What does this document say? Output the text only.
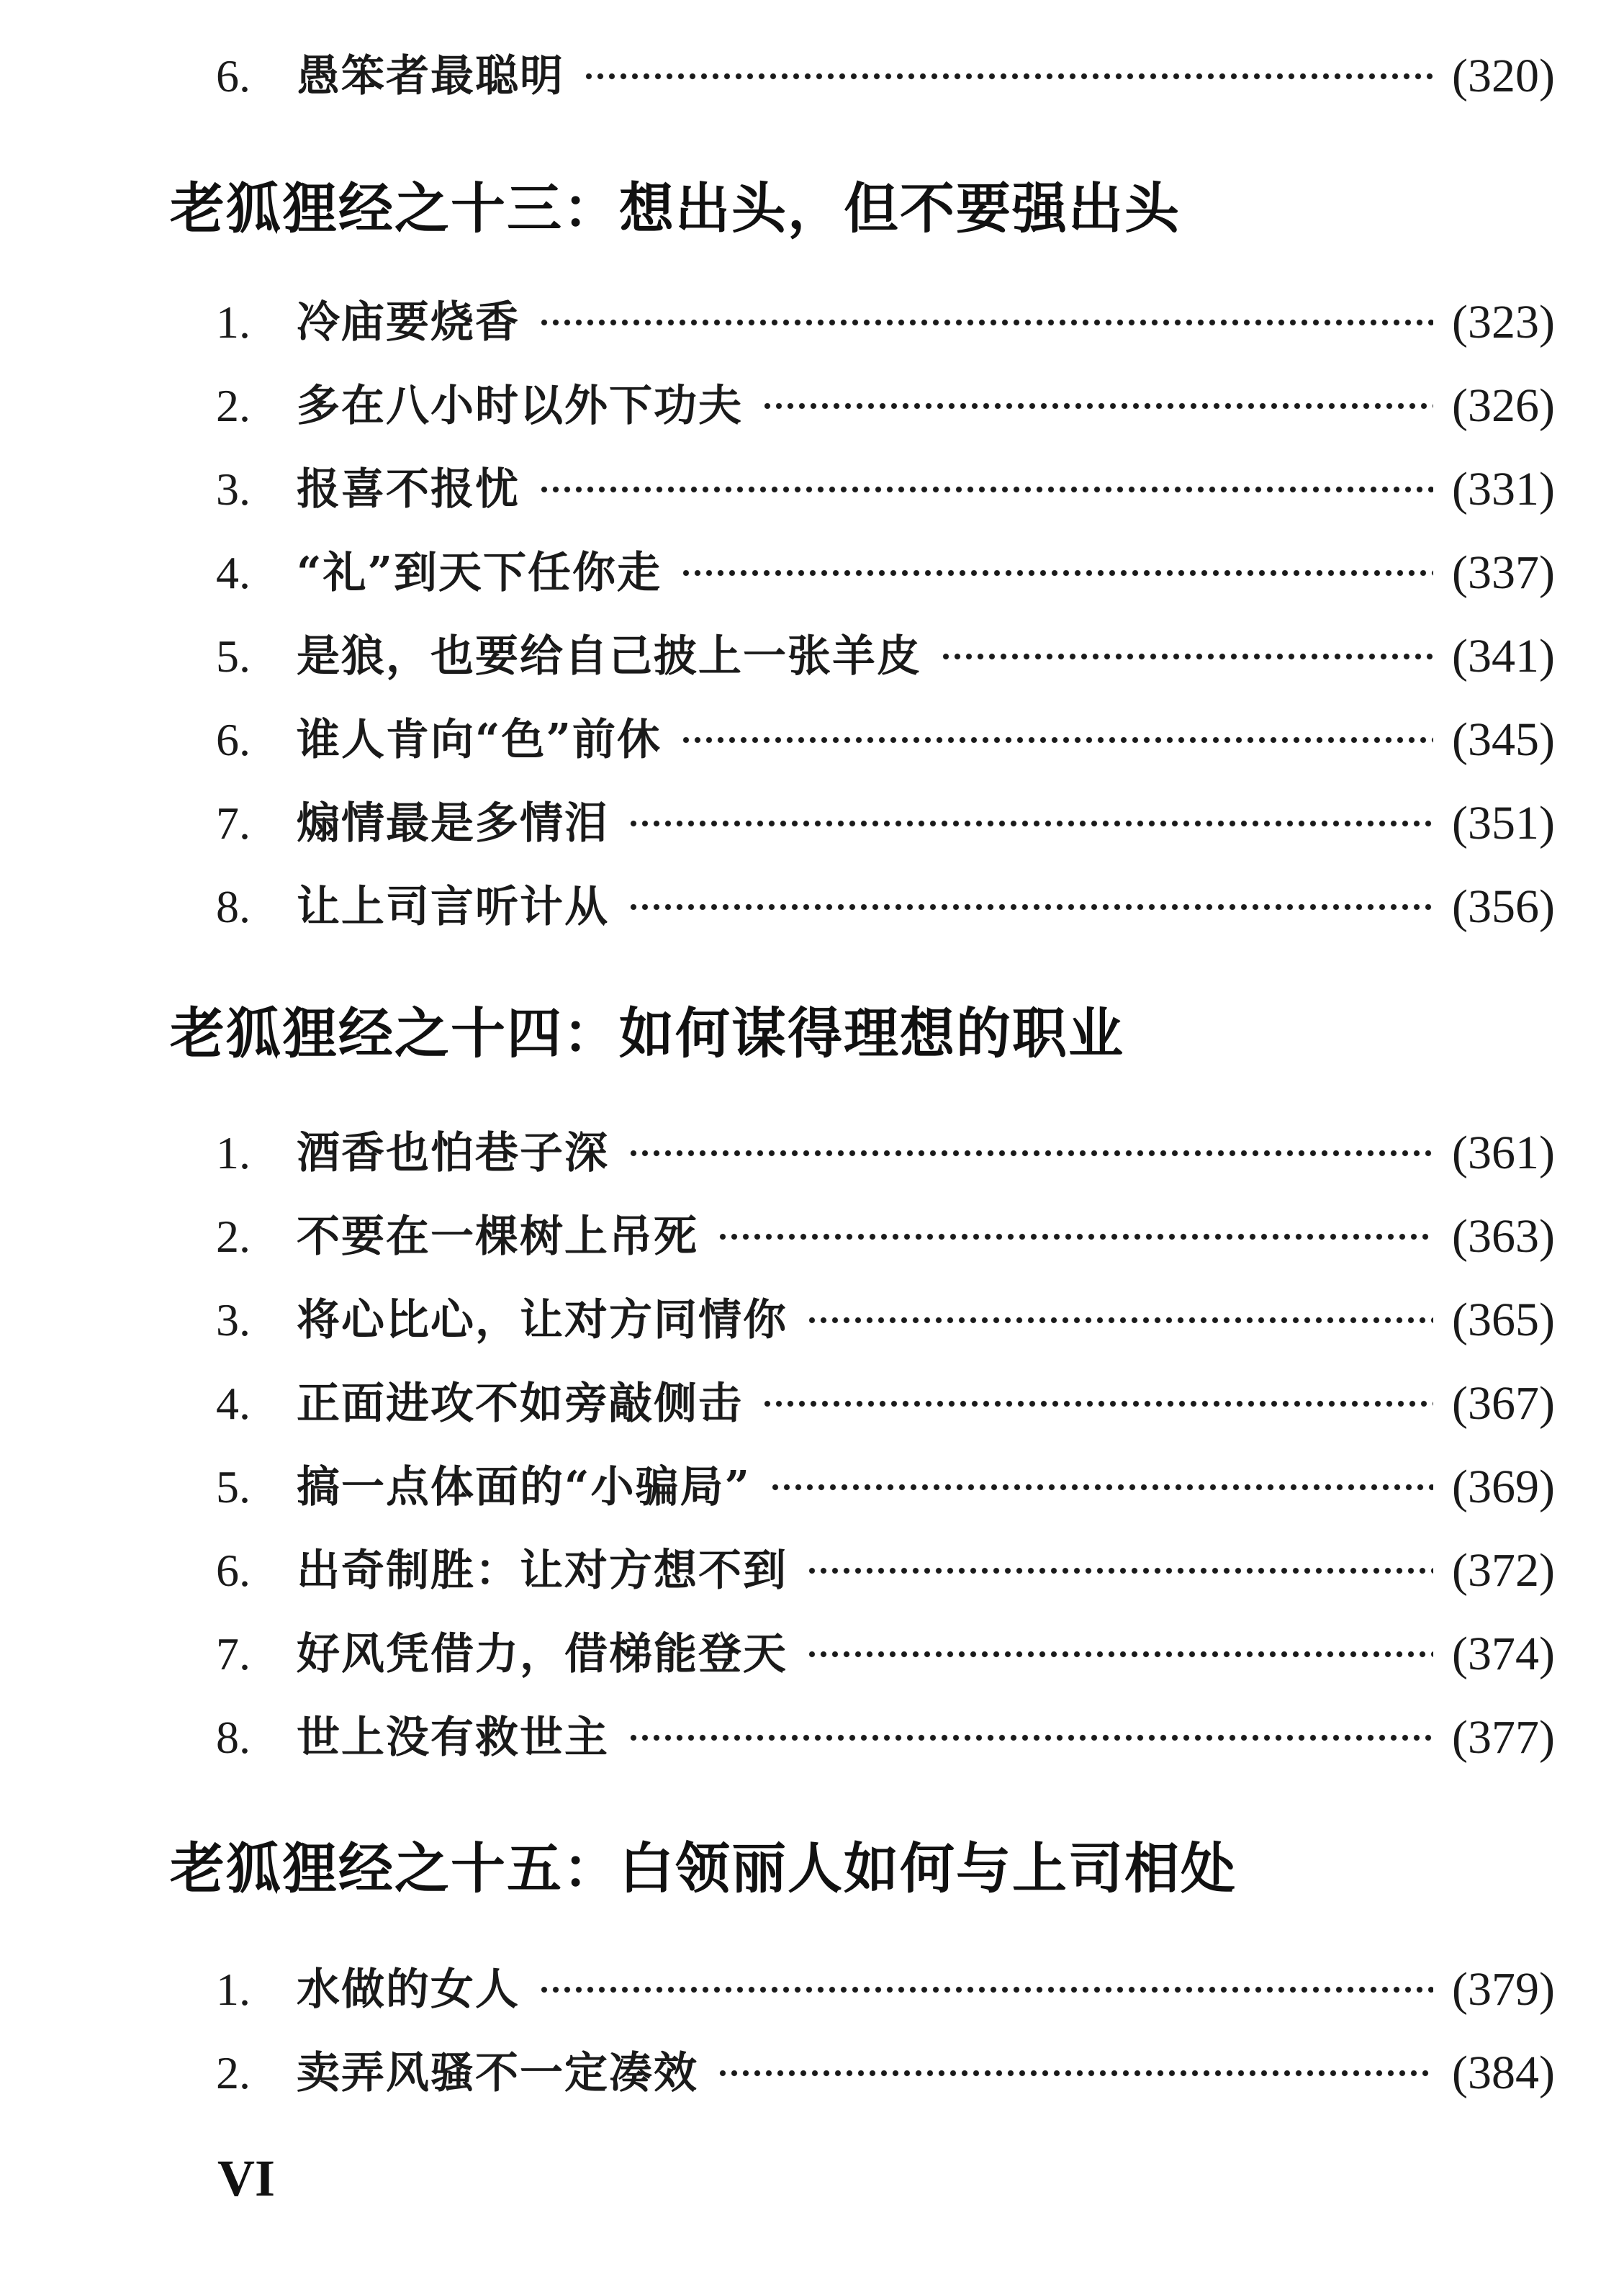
6.	愚笨者最聪明	(320)
老狐狸经之十三：想出头，但不要强出头
1.	冷庙要烧香	(323)
2.	多在八小时以外下功夫	(326)
3.	报喜不报忧	(331)
4.	“礼”到天下任你走	(337)
5.	是狼，也要给自己披上一张羊皮	(341)
6.	谁人肯向“色”前休	(345)
7.	煽情最是多情泪	(351)
8.	让上司言听计从	(356)
老狐狸经之十四：如何谋得理想的职业
1.	酒香也怕巷子深	(361)
2.	不要在一棵树上吊死	(363)
3.	将心比心，让对方同情你	(365)
4.	正面进攻不如旁敲侧击	(367)
5.	搞一点体面的“小骗局”	(369)
6.	出奇制胜：让对方想不到	(372)
7.	好风凭借力，借梯能登天	(374)
8.	世上没有救世主	(377)
老狐狸经之十五：白领丽人如何与上司相处
1.	水做的女人	(379)
2.	卖弄风骚不一定凑效	(384)
VI
